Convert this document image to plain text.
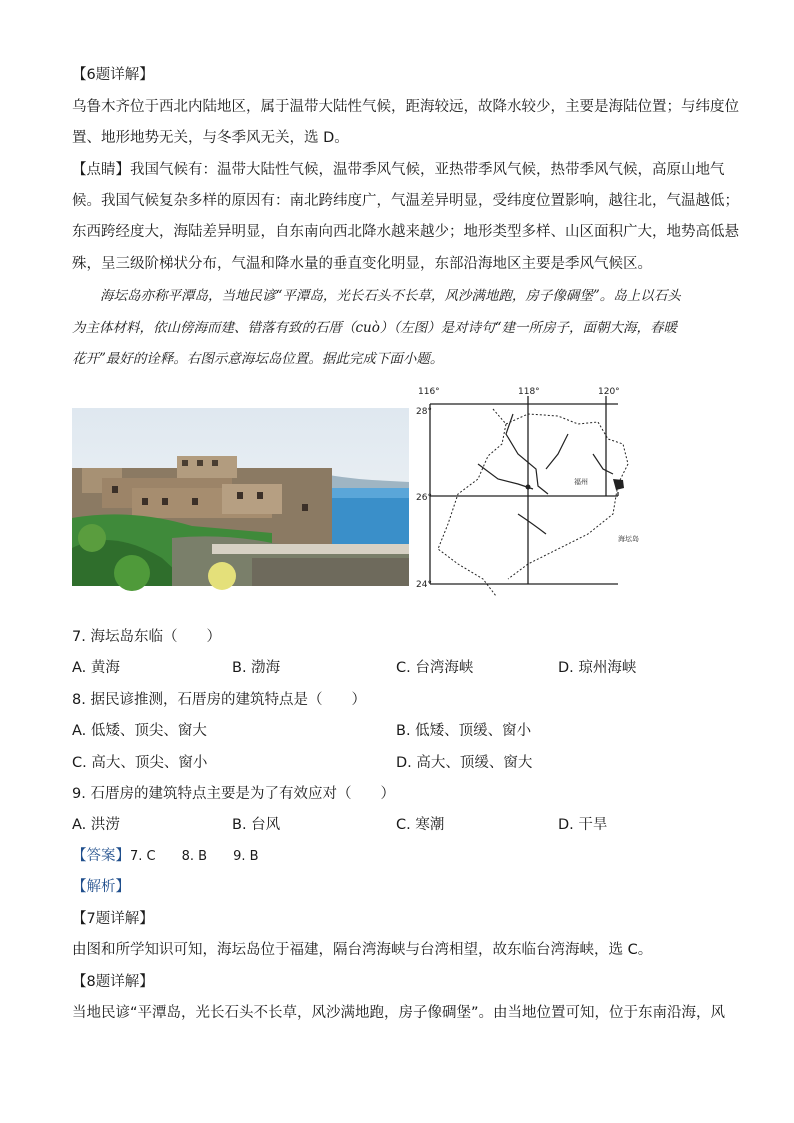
【6题详解】
乌鲁木齐位于西北内陆地区，属于温带大陆性气候，距海较远，故降水较少，主要是海陆位置；与纬度位
置、地形地势无关，与冬季风无关，选 D。
【点睛】我国气候有：温带大陆性气候，温带季风气候，亚热带季风气候，热带季风气候，高原山地气
候。我国气候复杂多样的原因有：南北跨纬度广，气温差异明显，受纬度位置影响，越往北，气温越低；
东西跨经度大，海陆差异明显，自东南向西北降水越来越少；地形类型多样、山区面积广大，地势高低悬
殊，呈三级阶梯状分布，气温和降水量的垂直变化明显，东部沿海地区主要是季风气候区。
海坛岛亦称平潭岛，当地民谚“平潭岛，光长石头不长草，风沙满地跑，房子像碉堡”。岛上以石头
为主体材料，依山傍海而建、错落有致的石厝（cuò）（左图）是对诗句“建一所房子，面朝大海，春暖
花开”最好的诠释。右图示意海坛岛位置。据此完成下面小题。
116°	118°	120°
28°
26°
24°
福州
海坛岛
7. 海坛岛东临（　　）
A. 黄海	B. 渤海	C. 台湾海峡	D. 琼州海峡
8. 据民谚推测，石厝房的建筑特点是（　　）
A. 低矮、顶尖、窗大	B. 低矮、顶缓、窗小
C. 高大、顶尖、窗小	D. 高大、顶缓、窗大
9. 石厝房的建筑特点主要是为了有效应对（　　）
A. 洪涝	B. 台风	C. 寒潮	D. 干旱
【答案】7. C　　8. B　　9. B
【解析】
【7题详解】
由图和所学知识可知，海坛岛位于福建，隔台湾海峡与台湾相望，故东临台湾海峡，选 C。
【8题详解】
当地民谚“平潭岛，光长石头不长草，风沙满地跑，房子像碉堡”。由当地位置可知，位于东南沿海，风
